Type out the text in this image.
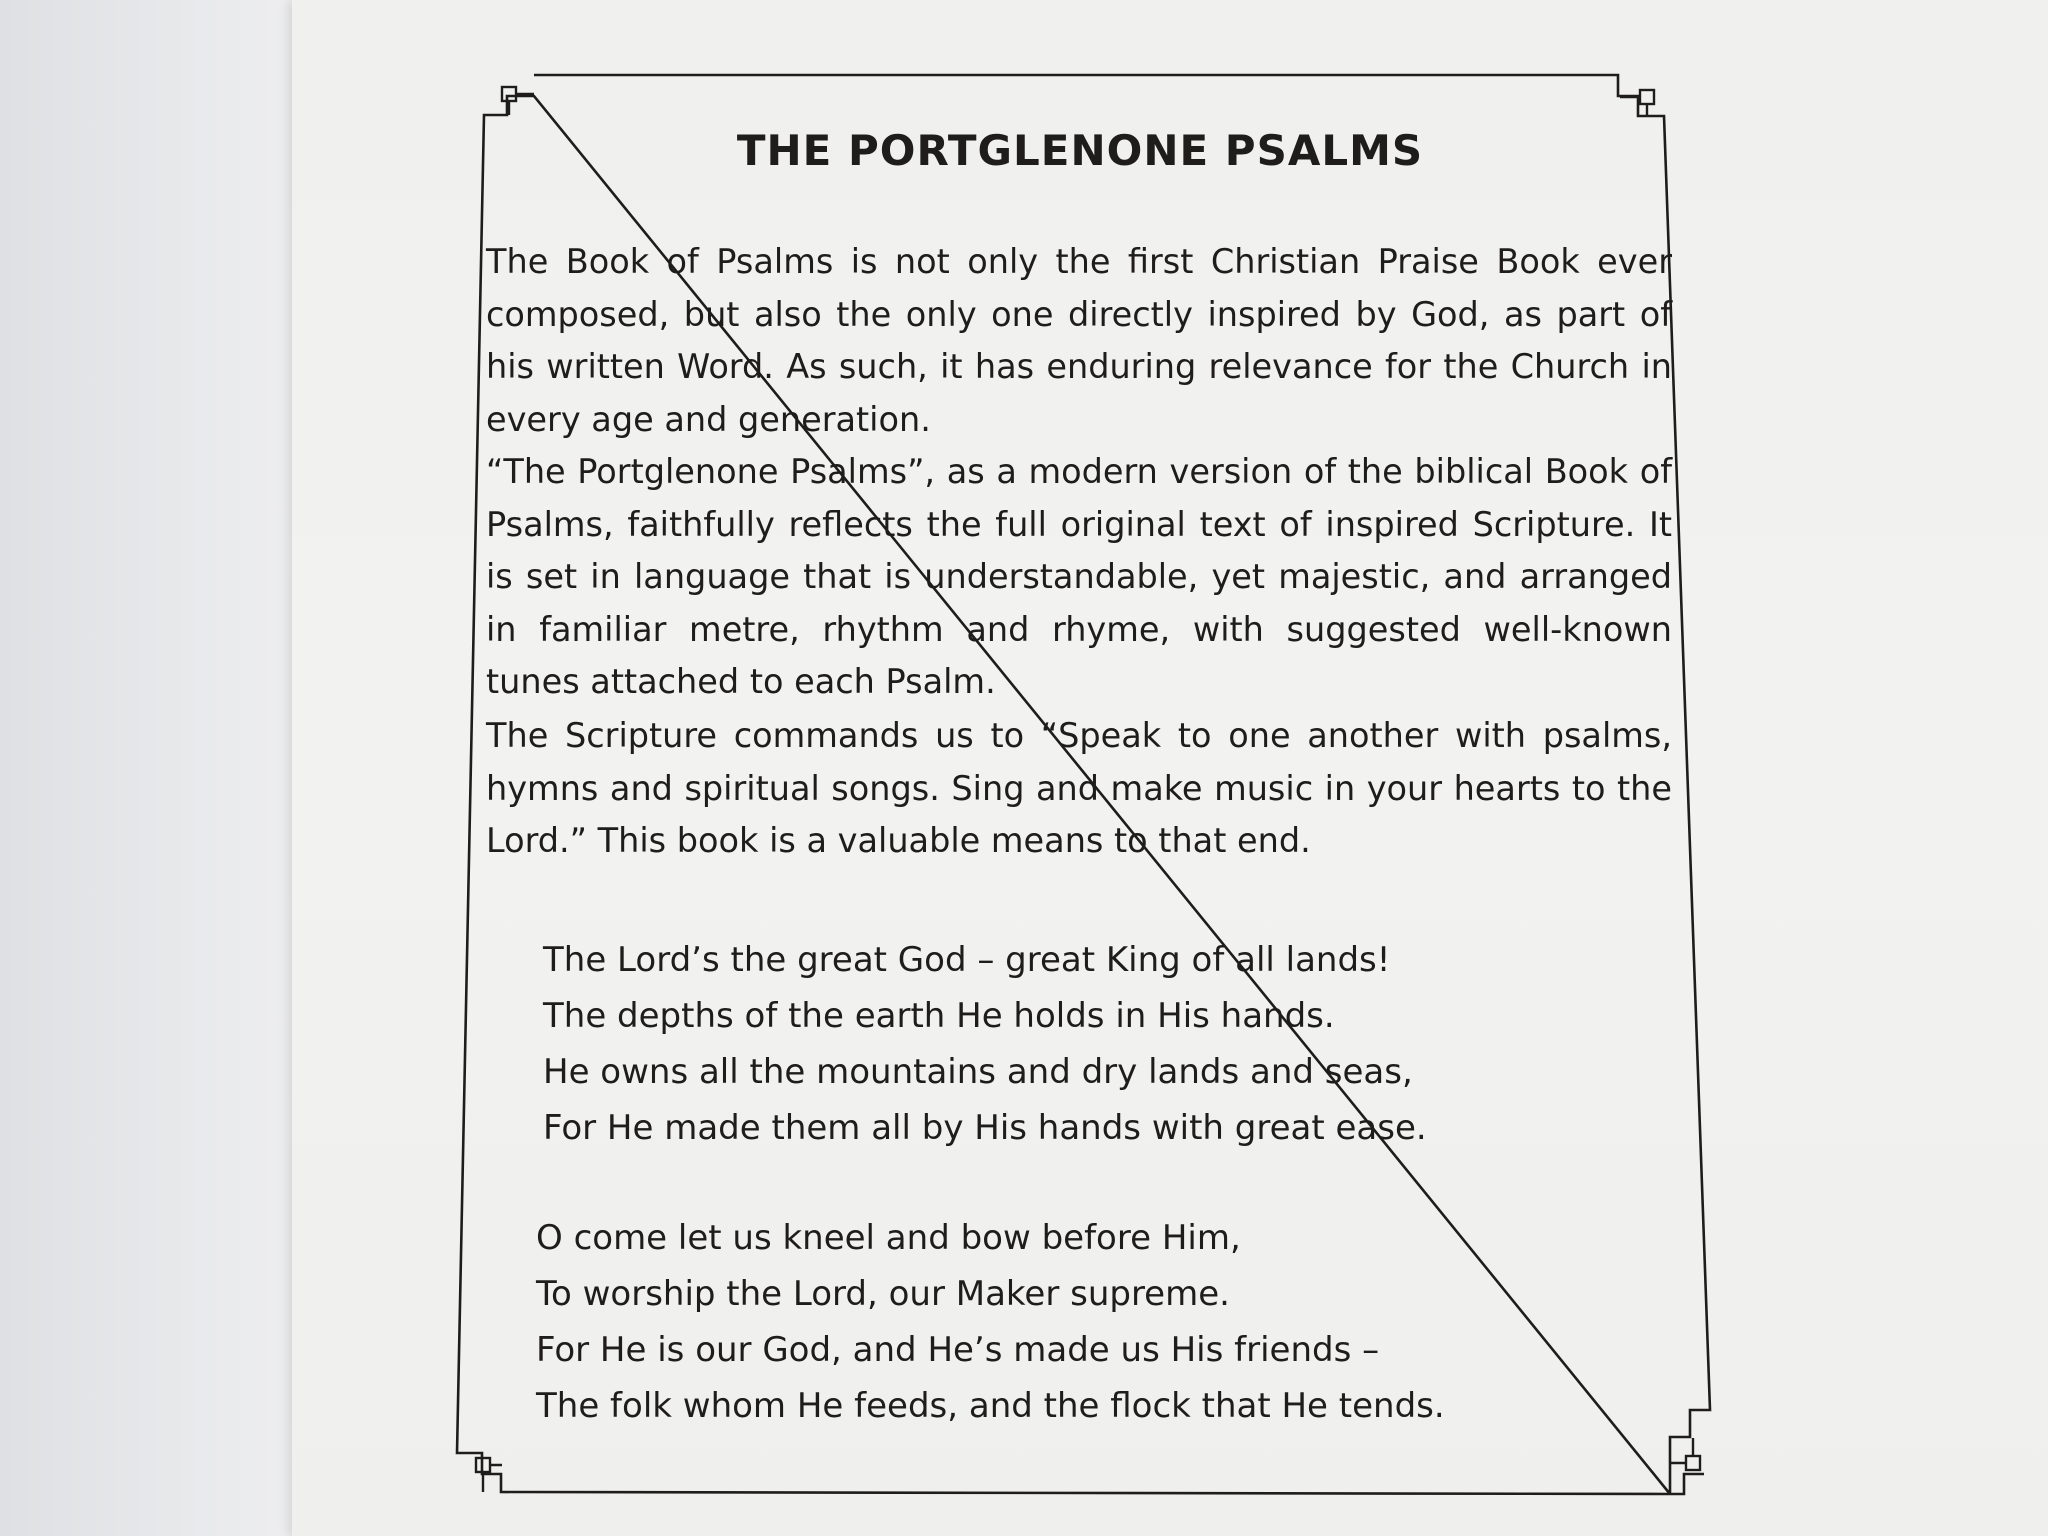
THE PORTGLENONE PSALMS

The Book of Psalms is not only the first Christian Praise Book ever composed, but also the only one directly inspired by God, as part of his written Word. As such, it has enduring relevance for the Church in every age and generation.

“The Portglenone Psalms”, as a modern version of the biblical Book of Psalms, faithfully reflects the full original text of inspired Scripture. It is set in language that is understandable, yet majestic, and arranged in familiar metre, rhythm and rhyme, with suggested well-known tunes attached to each Psalm.

The Scripture commands us to “Speak to one another with psalms, hymns and spiritual songs. Sing and make music in your hearts to the Lord.” This book is a valuable means to that end.

The Lord’s the great God – great King of all lands!
The depths of the earth He holds in His hands.
He owns all the mountains and dry lands and seas,
For He made them all by His hands with great ease.
O come let us kneel and bow before Him,
To worship the Lord, our Maker supreme.
For He is our God, and He’s made us His friends –
The folk whom He feeds, and the flock that He tends.
